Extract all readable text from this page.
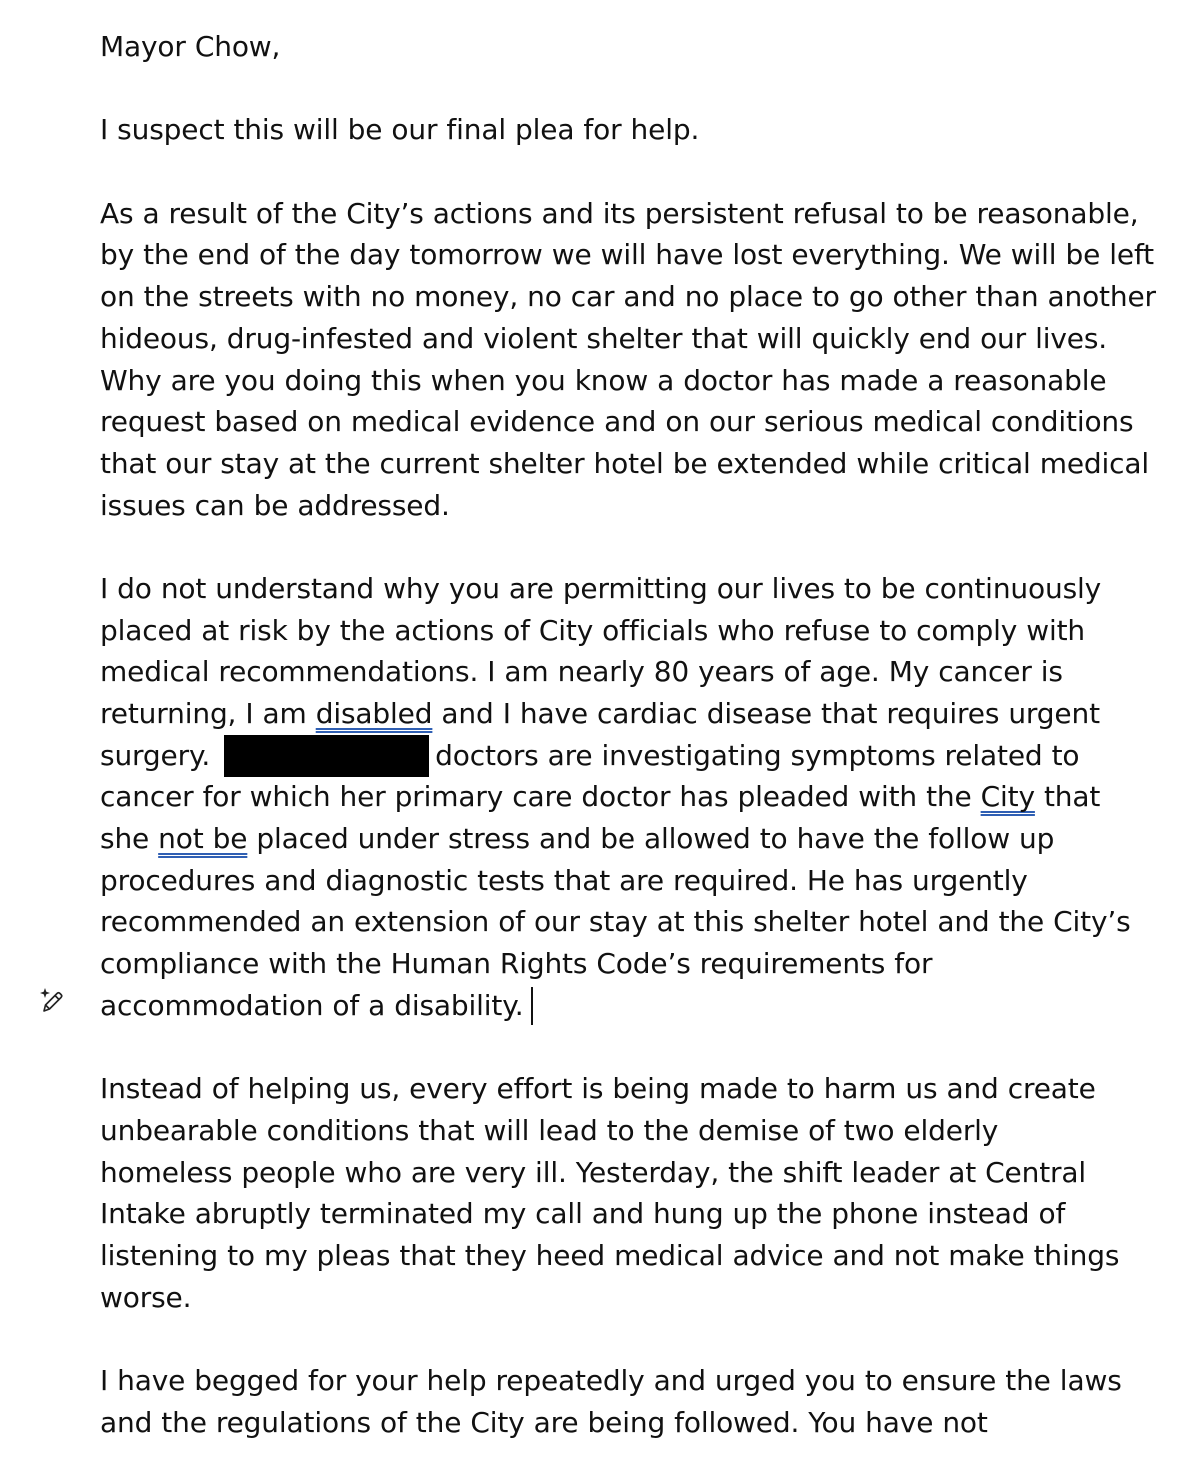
Mayor Chow,
I suspect this will be our final plea for help.
As a result of the City’s actions and its persistent refusal to be reasonable,
by the end of the day tomorrow we will have lost everything. We will be left
on the streets with no money, no car and no place to go other than another
hideous, drug-infested and violent shelter that will quickly end our lives.
Why are you doing this when you know a doctor has made a reasonable
request based on medical evidence and on our serious medical conditions
that our stay at the current shelter hotel be extended while critical medical
issues can be addressed.
I do not understand why you are permitting our lives to be continuously
placed at risk by the actions of City officials who refuse to comply with
medical recommendations. I am nearly 80 years of age. My cancer is
returning, I am disabled and I have cardiac disease that requires urgent
surgery.	doctors are investigating symptoms related to
cancer for which her primary care doctor has pleaded with the City that
she not be placed under stress and be allowed to have the follow up
procedures and diagnostic tests that are required. He has urgently
recommended an extension of our stay at this shelter hotel and the City’s
compliance with the Human Rights Code’s requirements for
accommodation of a disability.
Instead of helping us, every effort is being made to harm us and create
unbearable conditions that will lead to the demise of two elderly
homeless people who are very ill. Yesterday, the shift leader at Central
Intake abruptly terminated my call and hung up the phone instead of
listening to my pleas that they heed medical advice and not make things
worse.
I have begged for your help repeatedly and urged you to ensure the laws
and the regulations of the City are being followed. You have not
